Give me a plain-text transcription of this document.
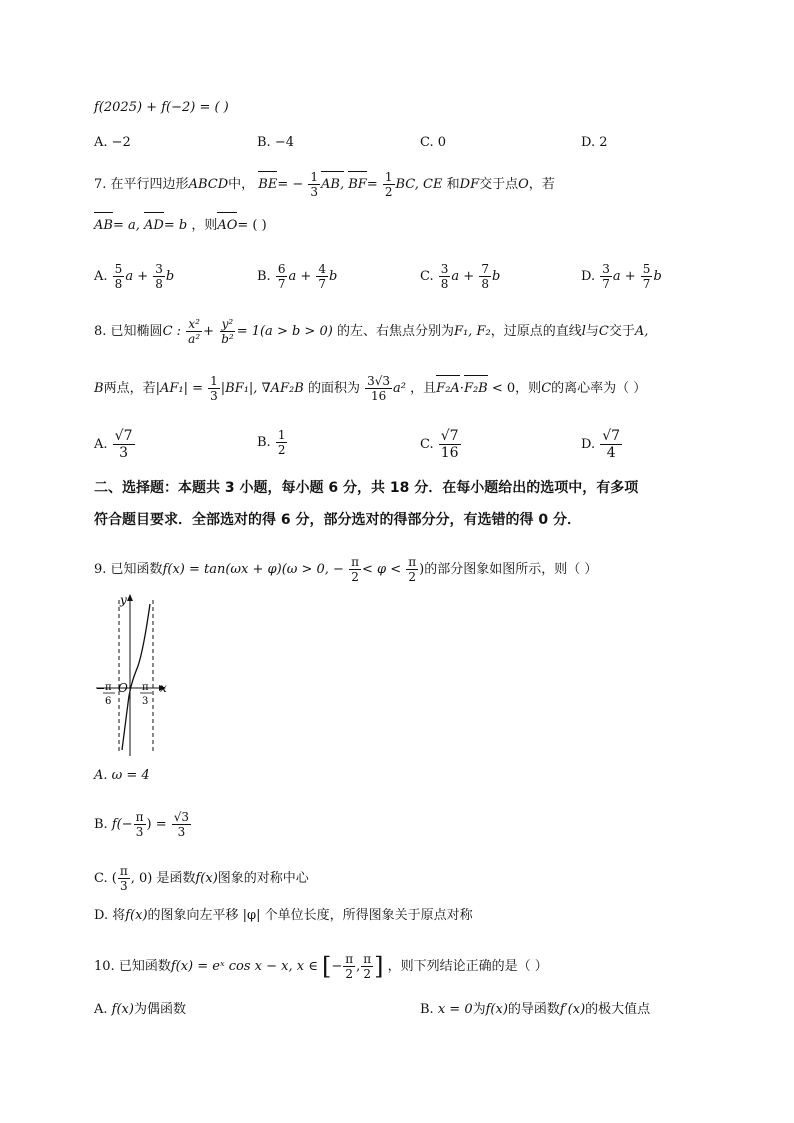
f(2025) + f(−2) = ( )
A. −2	B. −4	C. 0	D. 2
7. 在平行四边形ABCD中， $BE= - \frac{1}{3}$ AB, $BF= \frac{1}{2}$ BC, CE 和DF交于点O，若
AB= a, AD= b ，则AO= ( )
A. $\frac{5}{8}$ $a + \frac{3}{8}$ b	B. $\frac{6}{7}$ $a + \frac{4}{7}$ b	C. $\frac{3}{8}$ $a + \frac{7}{8}$ b	D. $\frac{3}{7}$ $a + \frac{5}{7}$ b
8. 已知椭圆C : $\frac{\text{x²}}{\text{a²}} + \frac{\text{y²}}{\text{b²}} = 1(a > b > 0)$ 的左、右焦点分别为F₁, F₂，过原点的直线l与C交于A,
B两点，若$|AF_1| = \frac{1}{3} |BF_1|$, ∇AF₂B 的面积为 $\frac{3√3}{16} a^2$ ，且F₂A·F₂B < 0，则C的离心率为（ ）
A. $\frac{√7}{3}$	B. $\frac{1}{2}$	C. $\frac{√7}{16}$	D. $\frac{√7}{4}$
二、选择题：本题共 3 小题，每小题 6 分，共 18 分．在每小题给出的选项中，有多项
符合题目要求．全部选对的得 6 分，部分选对的得部分分，有选错的得 0 分．
9. 已知函数f(x) = tan(ωx + φ)(ω > 0, − $\frac{\pi}{2} < \varphi < \frac{\pi}{2}$ )的部分图象如图所示，则（ ）
y
x
O
− π
6
π
3
A. ω = 4
B. $f(- \frac{\pi}{3}$ ) = $\frac{√3}{3}$
C. ( $\frac{\pi}{3}$ , 0) 是函数f(x)图象的对称中心
D. 将f(x)的图象向左平移 |φ| 个单位长度，所得图象关于原点对称
10. 已知函数f(x) = eˣ cos x − x, x ∈ [− $\frac{\pi}{2}$ , $\frac{\pi}{2}$ ] ，则下列结论正确的是（ ）
A. f(x)为偶函数	B. x = 0为f(x)的导函数f′(x)的极大值点
